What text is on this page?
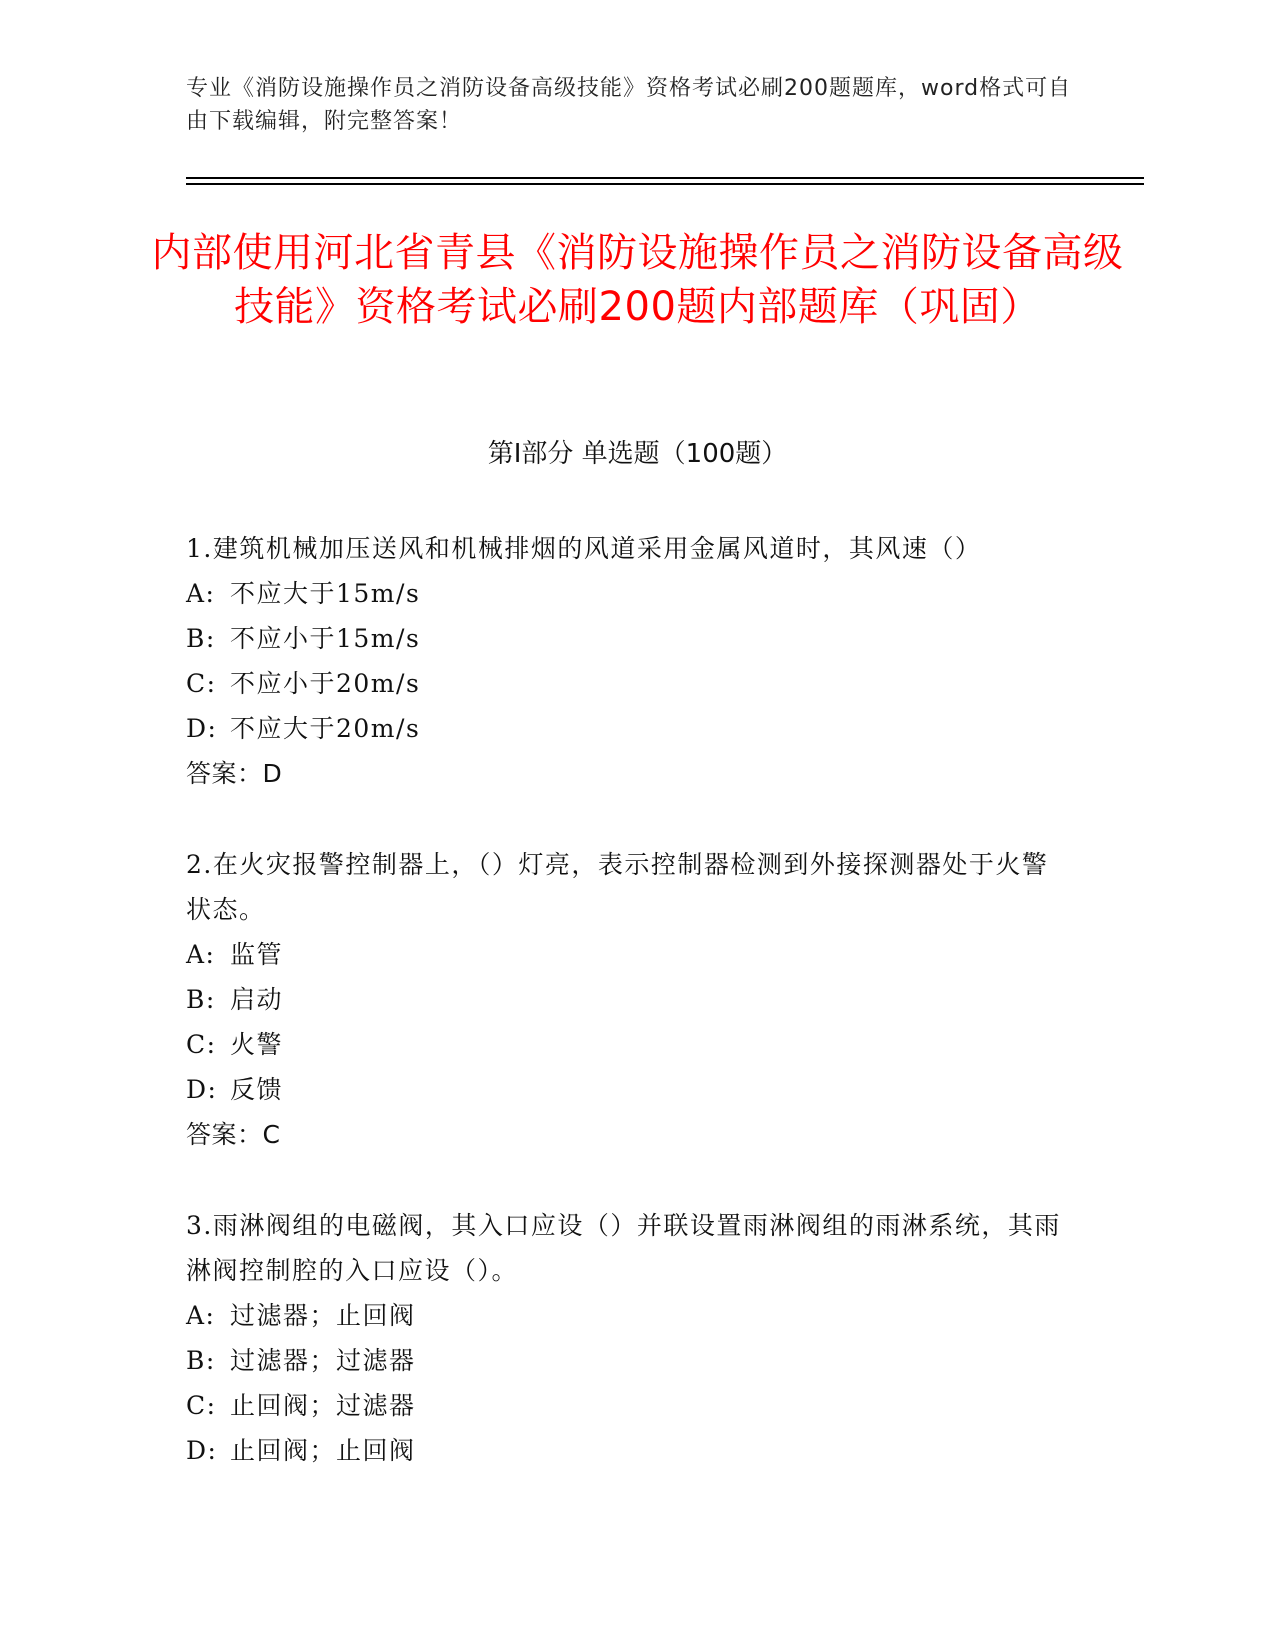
专业《消防设施操作员之消防设备高级技能》资格考试必刷200题题库，word格式可自由下载编辑，附完整答案！
内部使用河北省青县《消防设施操作员之消防设备高级技能》资格考试必刷200题内部题库（巩固）
第Ⅰ部分 单选题（100题）
1.建筑机械加压送风和机械排烟的风道采用金属风道时，其风速（）
A: 不应大于15m/s
B: 不应小于15m/s
C: 不应小于20m/s
D: 不应大于20m/s
答案：D
2.在火灾报警控制器上，（）灯亮，表示控制器检测到外接探测器处于火警状态。
A: 监管
B: 启动
C: 火警
D: 反馈
答案：C
3.雨淋阀组的电磁阀，其入口应设（）并联设置雨淋阀组的雨淋系统，其雨淋阀控制腔的入口应设（）。
A: 过滤器；止回阀
B: 过滤器；过滤器
C: 止回阀；过滤器
D: 止回阀；止回阀
